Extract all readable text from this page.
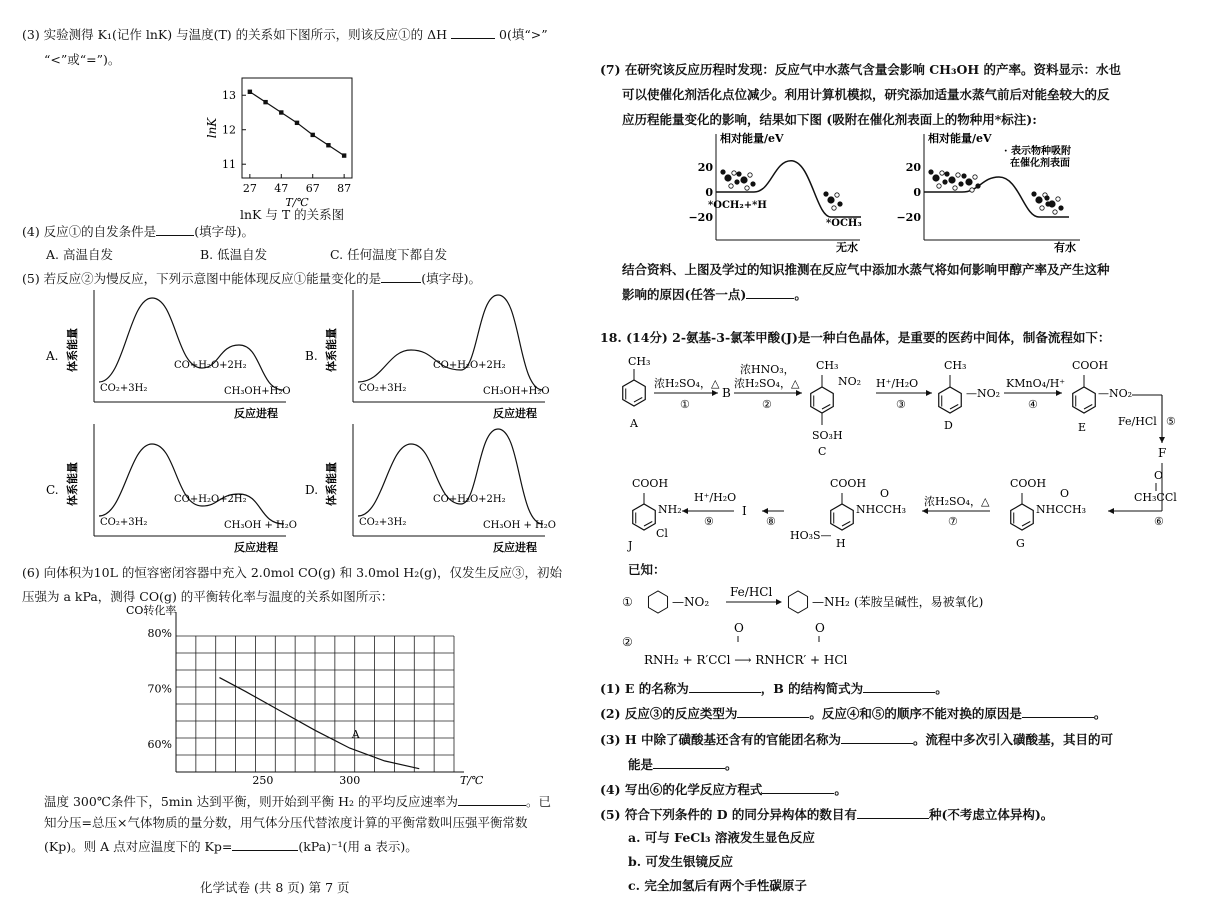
(3) 实验测得 K₁(记作 lnK) 与温度(T) 的关系如下图所示，则该反应①的 ΔH	0(填“>”
“<”或“=”)。
11
12
13
27 47 67 87
lnK
T/℃
lnK 与 T 的关系图
(4) 反应①的自发条件是	(填字母)。
A. 高温自发	B. 低温自发	C. 任何温度下都自发
(5) 若反应②为慢反应，下列示意图中能体现反应①能量变化的是	(填字母)。
A. 体系能量
反应进程
CO₂+3H₂
CO+H₂O+2H₂
CH₃OH+H₂O
B. 体系能量
反应进程
CO₂+3H₂
CO+H₂O+2H₂
CH₃OH+H₂O
C. 体系能量
反应进程
CO₂+3H₂
CO+H₂O+2H₂
CH₃OH + H₂O
D. 体系能量
反应进程
CO₂+3H₂
CO+H₂O+2H₂
CH₃OH + H₂O
(6) 向体积为10L 的恒容密闭容器中充入 2.0mol CO(g) 和 3.0mol H₂(g)，仅发生反应③，初始
压强为 a kPa，测得 CO(g) 的平衡转化率与温度的关系如图所示：
CO转化率
60%
70%
80%
250	300	T/℃
A
温度 300℃条件下，5min 达到平衡，则开始到平衡 H₂ 的平均反应速率为	。已
知分压=总压×气体物质的量分数，用气体分压代替浓度计算的平衡常数叫压强平衡常数
(Kp)。则 A 点对应温度下的 Kp=	(kPa)⁻¹(用 a 表示)。
化学试卷 (共 8 页) 第 7 页
(7) 在研究该反应历程时发现：反应气中水蒸气含量会影响 CH₃OH 的产率。资料显示：水也
可以使催化剂活化点位减少。利用计算机模拟，研究添加适量水蒸气前后对能垒较大的反
应历程能量变化的影响，结果如下图 (吸附在催化剂表面上的物种用*标注):
相对能量/eV
20
0
−20
*OCH₂+*H
*OCH₃
无水
相对能量/eV
20
0
−20
· 表示物种吸附
在催化剂表面
有水
结合资料、上图及学过的知识推测在反应气中添加水蒸气将如何影响甲醇产率及产生这种
影响的原因(任答一点)	。
18. (14分) 2-氨基-3-氯苯甲酸(J)是一种白色晶体，是重要的医药中间体，制备流程如下：
CH₃
A
浓H₂SO₄，△
①
B
浓HNO₃，
浓H₂SO₄，△
②
CH₃
NO₂
SO₃H
C
H⁺/H₂O
③
CH₃
—NO₂
D
KMnO₄/H⁺
④
COOH
—NO₂
E	Fe/HCl ⑤
F
O
CH₃CCl
⑥
COOH
NHCCH₃
O
G
浓H₂SO₄，△
⑦
COOH
NHCCH₃
O
HO₃S—
H
⑧
I
H⁺/H₂O
⑨
COOH
NH₂
Cl
J
已知：
①	—NO₂
Fe/HCl
—NH₂ (苯胺呈碱性，易被氧化)
②
O	O
RNH₂ + R′CCl ⟶ RNHCR′ + HCl
(1) E 的名称为	，B 的结构简式为	。
(2) 反应③的反应类型为	。反应④和⑤的顺序不能对换的原因是	。
(3) H 中除了磺酸基还含有的官能团名称为	。流程中多次引入磺酸基，其目的可
能是	。
(4) 写出⑥的化学反应方程式	。
(5) 符合下列条件的 D 的同分异构体的数目有	种(不考虑立体异构)。
a. 可与 FeCl₃ 溶液发生显色反应
b. 可发生银镜反应
c. 完全加氢后有两个手性碳原子
